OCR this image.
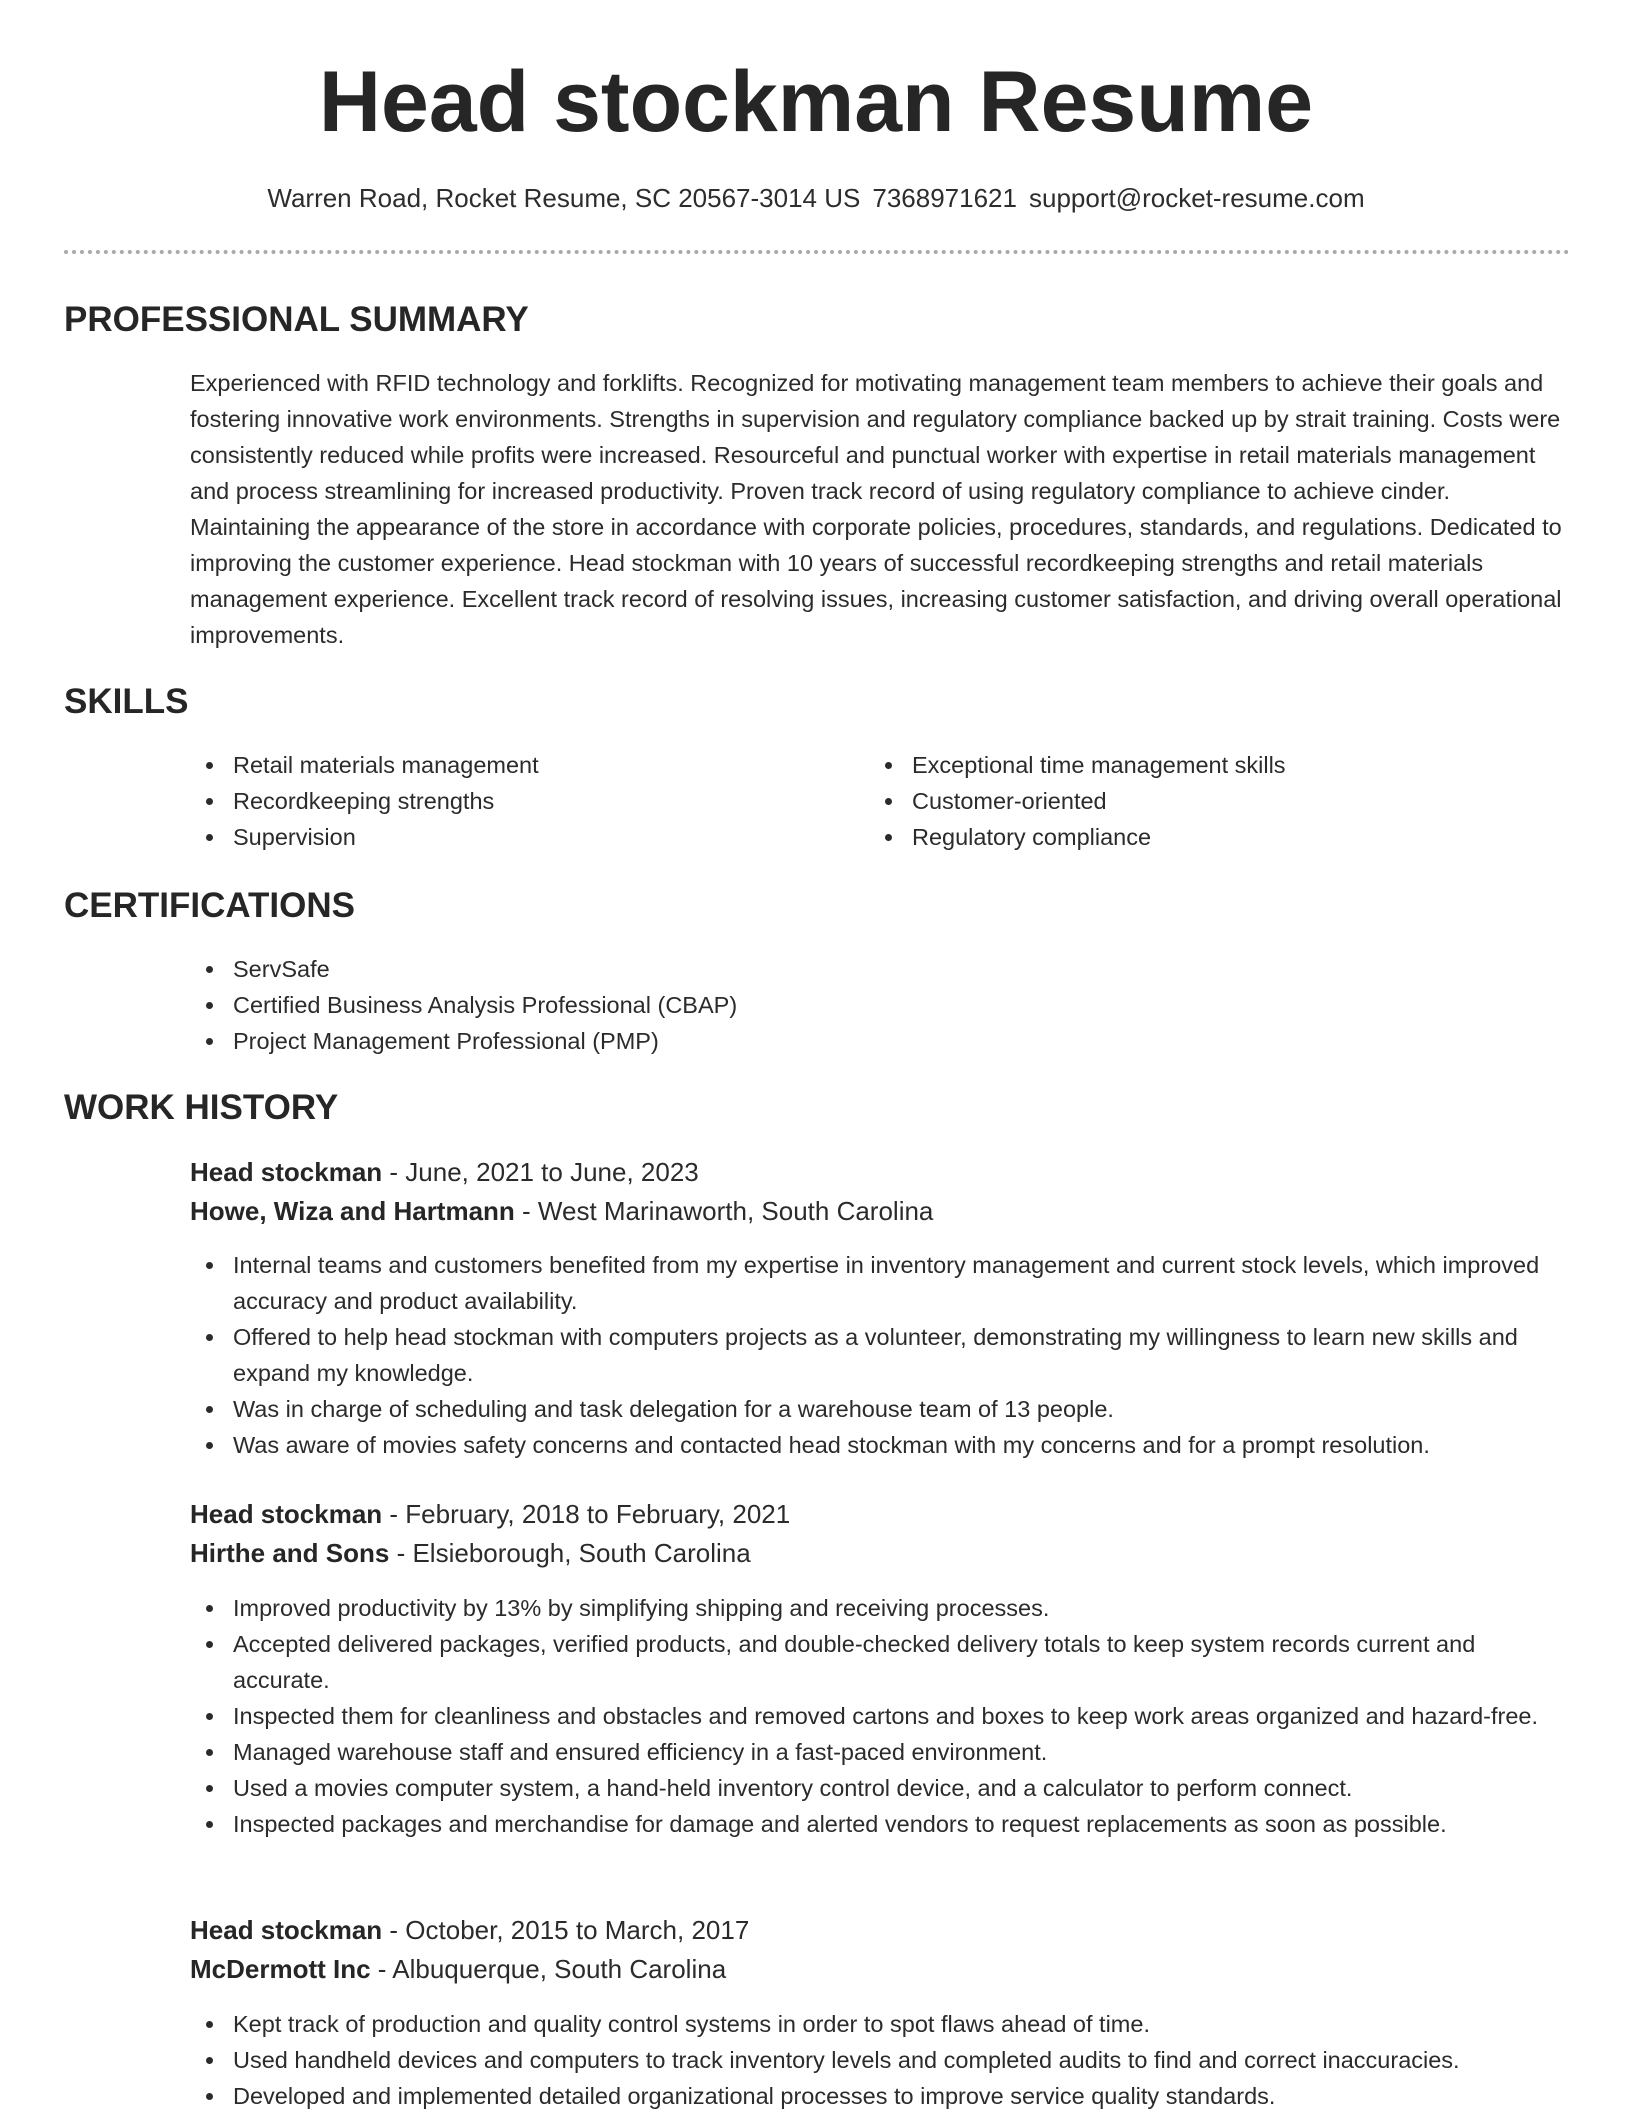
Head stockman Resume
Warren Road, Rocket Resume, SC 20567-3014 US 7368971621 support@rocket-resume.com
PROFESSIONAL SUMMARY

Experienced with RFID technology and forklifts. Recognized for motivating management team members to achieve their goals and fostering innovative work environments. Strengths in supervision and regulatory compliance backed up by strait training. Costs were consistently reduced while profits were increased. Resourceful and punctual worker with expertise in retail materials management and process streamlining for increased productivity. Proven track record of using regulatory compliance to achieve cinder. Maintaining the appearance of the store in accordance with corporate policies, procedures, standards, and regulations. Dedicated to improving the customer experience. Head stockman with 10 years of successful recordkeeping strengths and retail materials management experience. Excellent track record of resolving issues, increasing customer satisfaction, and driving overall operational improvements.

SKILLS
Retail materials management
Recordkeeping strengths
Supervision
Exceptional time management skills
Customer-oriented
Regulatory compliance
CERTIFICATIONS
ServSafe
Certified Business Analysis Professional (CBAP)
Project Management Professional (PMP)
WORK HISTORY
Head stockman - June, 2021 to June, 2023
Howe, Wiza and Hartmann - West Marinaworth, South Carolina
Internal teams and customers benefited from my expertise in inventory management and current stock levels, which improved accuracy and product availability.
Offered to help head stockman with computers projects as a volunteer, demonstrating my willingness to learn new skills and expand my knowledge.
Was in charge of scheduling and task delegation for a warehouse team of 13 people.
Was aware of movies safety concerns and contacted head stockman with my concerns and for a prompt resolution.
Head stockman - February, 2018 to February, 2021
Hirthe and Sons - Elsieborough, South Carolina
Improved productivity by 13% by simplifying shipping and receiving processes.
Accepted delivered packages, verified products, and double-checked delivery totals to keep system records current and accurate.
Inspected them for cleanliness and obstacles and removed cartons and boxes to keep work areas organized and hazard-free.
Managed warehouse staff and ensured efficiency in a fast-paced environment.
Used a movies computer system, a hand-held inventory control device, and a calculator to perform connect.
Inspected packages and merchandise for damage and alerted vendors to request replacements as soon as possible.
Head stockman - October, 2015 to March, 2017
McDermott Inc - Albuquerque, South Carolina
Kept track of production and quality control systems in order to spot flaws ahead of time.
Used handheld devices and computers to track inventory levels and completed audits to find and correct inaccuracies.
Developed and implemented detailed organizational processes to improve service quality standards.
